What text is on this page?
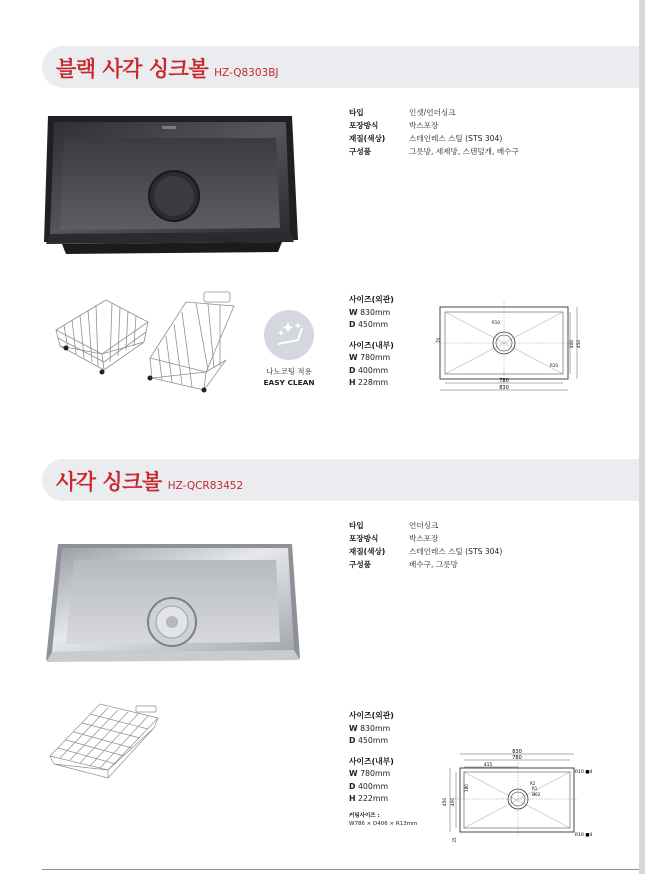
블랙 사각 싱크볼 HZ-Q8303BJ
타입	인셋/언더싱크
포장방식	박스포장
재질(색상)	스테인레스 스틸 (STS 304)
구성품	그릇망, 세제망, 스텐덮개, 배수구
나노코팅 적용
EASY CLEAN
사이즈(외관)
W 830mm
D 450mm
사이즈(내부)
W 780mm
D 400mm
H 228mm	780
830
400 450
25
R10
R10
사각 싱크볼 HZ-QCR83452
타입	언더싱크
포장방식	박스포장
재질(색상)	스테인레스 스틸 (STS 304)
구성품	배수구, 그릇망
사이즈(외관)
W 830mm
D 450mm
사이즈(내부)
W 780mm
D 400mm
H 222mm
커팅사이즈 :
W786 × D406 × R13mm
830
780
415
450 400
180
R2
R1
Ø62
R10 ■4
R10 ■4
25
